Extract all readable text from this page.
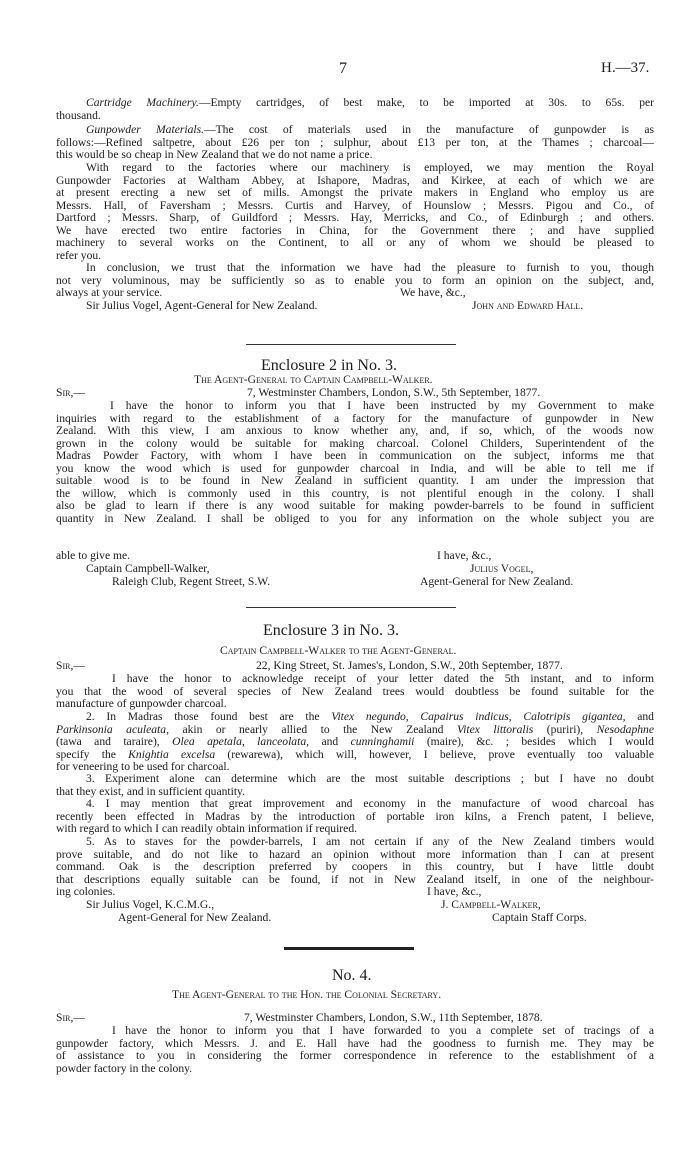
7	H.—37.
Cartridge Machinery.—Empty cartridges, of best make, to be imported at 30s. to 65s. per
thousand.
Gunpowder Materials.—The cost of materials used in the manufacture of gunpowder is as
follows:—Refined saltpetre, about £26 per ton ; sulphur, about £13 per ton, at the Thames ; charcoal—
this would be so cheap in New Zealand that we do not name a price.
With regard to the factories where our machinery is employed, we may mention the Royal
Gunpowder Factories at Waltham Abbey, at Ishapore, Madras, and Kirkee, at each of which we are
at present erecting a new set of mills. Amongst the private makers in England who employ us are
Messrs. Hall, of Faversham ; Messrs. Curtis and Harvey, of Hounslow ; Messrs. Pigou and Co., of
Dartford ; Messrs. Sharp, of Guildford ; Messrs. Hay, Merricks, and Co., of Edinburgh ; and others.
We have erected two entire factories in China, for the Government there ; and have supplied
machinery to several works on the Continent, to all or any of whom we should be pleased to
refer you.
In conclusion, we trust that the information we have had the pleasure to furnish to you, though
not very voluminous, may be sufficiently so as to enable you to form an opinion on the subject, and,
always at your service.	We have, &c.,
Sir Julius Vogel, Agent-General for New Zealand.	John and Edward Hall.
Enclosure 2 in No. 3.
The Agent-General to Captain Campbell-Walker.
Sir,—	7, Westminster Chambers, London, S.W., 5th September, 1877.
I have the honor to inform you that I have been instructed by my Government to make
inquiries with regard to the establishment of a factory for the manufacture of gunpowder in New
Zealand. With this view, I am anxious to know whether any, and, if so, which, of the woods now
grown in the colony would be suitable for making charcoal. Colonel Childers, Superintendent of the
Madras Powder Factory, with whom I have been in communication on the subject, informs me that
you know the wood which is used for gunpowder charcoal in India, and will be able to tell me if
suitable wood is to be found in New Zealand in sufficient quantity. I am under the impression that
the willow, which is commonly used in this country, is not plentiful enough in the colony. I shall
also be glad to learn if there is any wood suitable for making powder-barrels to be found in sufficient
quantity in New Zealand. I shall be obliged to you for any information on the whole subject you are
able to give me.	I have, &c.,
Captain Campbell-Walker,	Julius Vogel,
Raleigh Club, Regent Street, S.W.	Agent-General for New Zealand.
Enclosure 3 in No. 3.
Captain Campbell-Walker to the Agent-General.
Sir,—	22, King Street, St. James's, London, S.W., 20th September, 1877.
I have the honor to acknowledge receipt of your letter dated the 5th instant, and to inform
you that the wood of several species of New Zealand trees would doubtless be found suitable for the
manufacture of gunpowder charcoal.
2. In Madras those found best are the Vitex negundo, Capairus indicus, Calotripis gigantea, and
Parkinsonia aculeata, akin or nearly allied to the New Zealand Vitex littoralis (puriri), Nesodaphne
(tawa and taraire), Olea apetala, lanceolata, and cunninghamii (maire), &c. ; besides which I would
specify the Knightia excelsa (rewarewa), which will, however, I believe, prove eventually too valuable
for veneering to be used for charcoal.
3. Experiment alone can determine which are the most suitable descriptions ; but I have no doubt
that they exist, and in sufficient quantity.
4. I may mention that great improvement and economy in the manufacture of wood charcoal has
recently been effected in Madras by the introduction of portable iron kilns, a French patent, I believe,
with regard to which I can readily obtain information if required.
5. As to staves for the powder-barrels, I am not certain if any of the New Zealand timbers would
prove suitable, and do not like to hazard an opinion without more information than I can at present
command. Oak is the description preferred by coopers in this country, but I have little doubt
that descriptions equally suitable can be found, if not in New Zealand itself, in one of the neighbour-
ing colonies.	I have, &c.,
Sir Julius Vogel, K.C.M.G.,	J. Campbell-Walker,
Agent-General for New Zealand.	Captain Staff Corps.
No. 4.
The Agent-General to the Hon. the Colonial Secretary.
Sir,—	7, Westminster Chambers, London, S.W., 11th September, 1878.
I have the honor to inform you that I have forwarded to you a complete set of tracings of a
gunpowder factory, which Messrs. J. and E. Hall have had the goodness to furnish me. They may be
of assistance to you in considering the former correspondence in reference to the establishment of a
powder factory in the colony.
